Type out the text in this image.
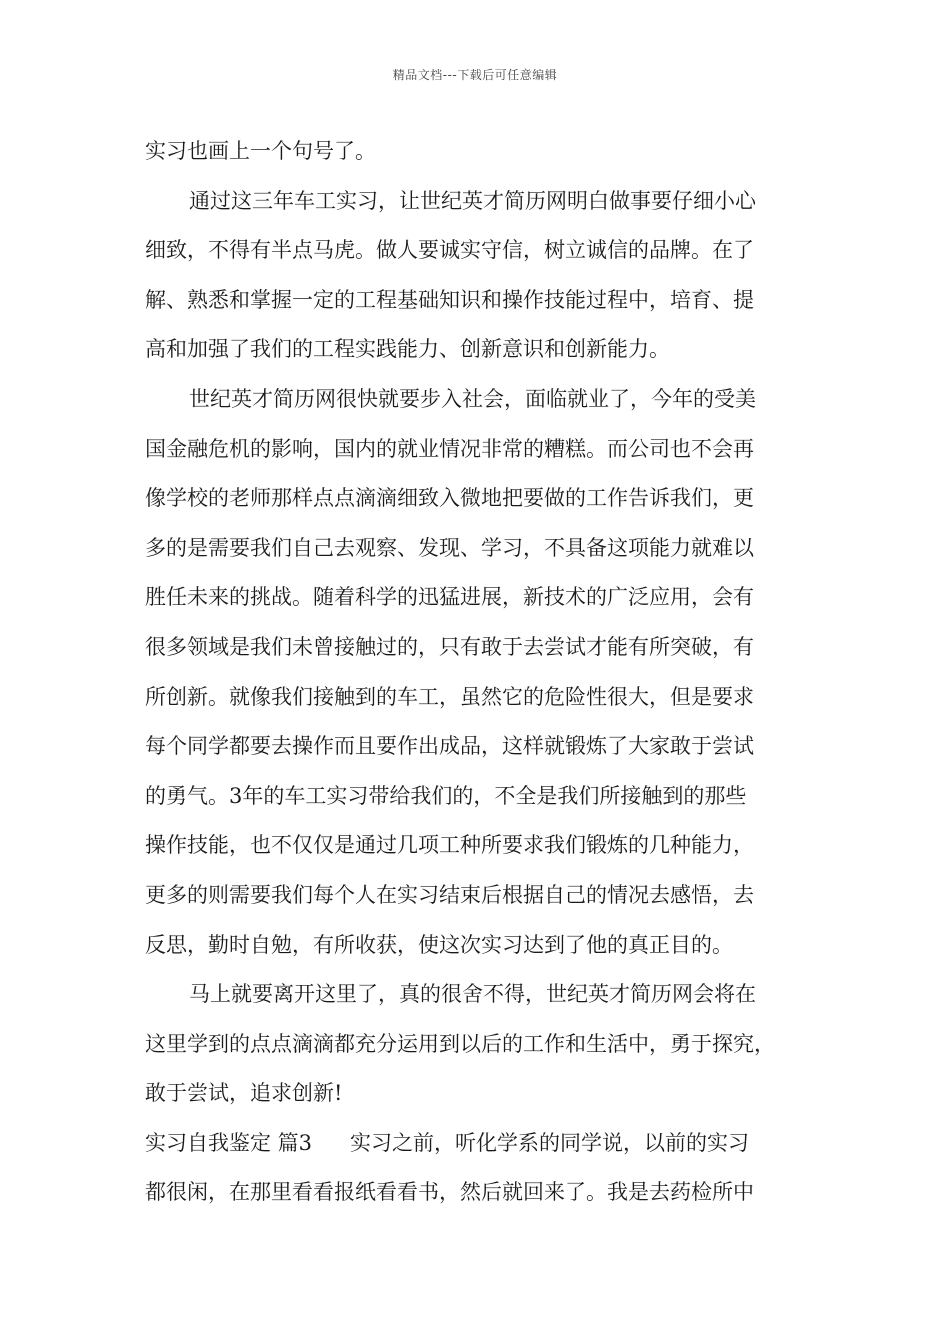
精品文档---下载后可任意编辑
实习也画上一个句号了。
通过这三年车工实习，让世纪英才简历网明白做事要仔细小心
细致，不得有半点马虎。做人要诚实守信，树立诚信的品牌。在了
解、熟悉和掌握一定的工程基础知识和操作技能过程中，培育、提
高和加强了我们的工程实践能力、创新意识和创新能力。
世纪英才简历网很快就要步入社会，面临就业了，今年的受美
国金融危机的影响，国内的就业情况非常的糟糕。而公司也不会再
像学校的老师那样点点滴滴细致入微地把要做的工作告诉我们，更
多的是需要我们自己去观察、发现、学习，不具备这项能力就难以
胜任未来的挑战。随着科学的迅猛进展，新技术的广泛应用，会有
很多领域是我们未曾接触过的，只有敢于去尝试才能有所突破，有
所创新。就像我们接触到的车工，虽然它的危险性很大，但是要求
每个同学都要去操作而且要作出成品，这样就锻炼了大家敢于尝试
的勇气。3年的车工实习带给我们的，不全是我们所接触到的那些
操作技能，也不仅仅是通过几项工种所要求我们锻炼的几种能力，
更多的则需要我们每个人在实习结束后根据自己的情况去感悟，去
反思，勤时自勉，有所收获，使这次实习达到了他的真正目的。
马上就要离开这里了，真的很舍不得，世纪英才简历网会将在
这里学到的点点滴滴都充分运用到以后的工作和生活中，勇于探究，
敢于尝试，追求创新!
实习自我鉴定 篇3 实习之前，听化学系的同学说，以前的实习
都很闲，在那里看看报纸看看书，然后就回来了。我是去药检所中
